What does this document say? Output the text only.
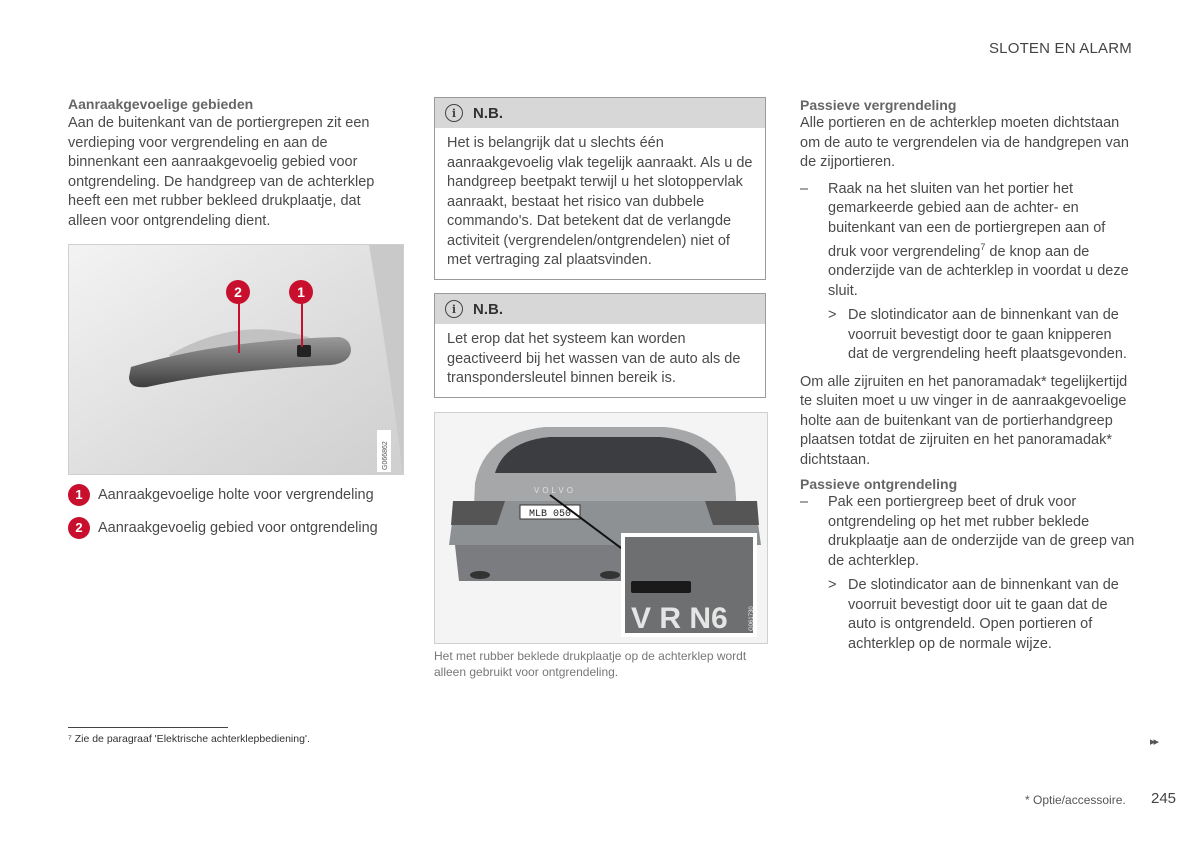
SLOTEN EN ALARM

Aanraakgevoelige gebieden

Aan de buitenkant van de portiergrepen zit een verdieping voor vergrendeling en aan de binnenkant een aanraakgevoelig gebied voor ontgrendeling. De handgreep van de achterklep heeft een met rubber bekleed drukplaatje, dat alleen voor ontgrendeling dient.

2	1
G066862
1	Aanraakgevoelige holte voor vergrendeling
2	Aanraakgevoelig gebied voor ontgrendeling
i	N.B.

Het is belangrijk dat u slechts één aanraakgevoelig vlak tegelijk aanraakt. Als u de handgreep beetpakt terwijl u het slotoppervlak aanraakt, bestaat het risico van dubbele commando's. Dat betekent dat de verlangde activiteit (vergrendelen/ontgrendelen) niet of met vertraging zal plaatsvinden.

i	N.B.

Let erop dat het systeem kan worden geactiveerd bij het wassen van de auto als de transpondersleutel binnen bereik is.

MLB 050
VOLVO
V R N6	G061730
Het met rubber beklede drukplaatje op de achterklep wordt alleen gebruikt voor ontgrendeling.

Passieve vergrendeling

Alle portieren en de achterklep moeten dichtstaan om de auto te vergrendelen via de handgrepen van de zijportieren.

–	Raak na het sluiten van het portier het gemarkeerde gebied aan de achter- en buitenkant van een de portiergrepen aan of druk voor vergrendeling$^7$ de knop aan de onderzijde van de achterklep in voordat u deze sluit.
> De slotindicator aan de binnenkant van de voorruit bevestigt door te gaan knipperen dat de vergrendeling heeft plaatsgevonden.

Om alle zijruiten en het panoramadak* tegelijkertijd te sluiten moet u uw vinger in de aanraakgevoelige holte aan de buitenkant van de portierhandgreep plaatsen totdat de zijruiten en het panoramadak* dichtstaan.

Passieve ontgrendeling

–	Pak een portiergreep beet of druk voor ontgrendeling op het met rubber beklede drukplaatje aan de onderzijde van de greep van de achterklep.
> De slotindicator aan de binnenkant van de voorruit bevestigt door uit te gaan dat de auto is ontgrendeld. Open portieren of achterklep op de normale wijze.
⁷ Zie de paragraaf 'Elektrische achterklepbediening'.	▸▸
* Optie/accessoire. 245
